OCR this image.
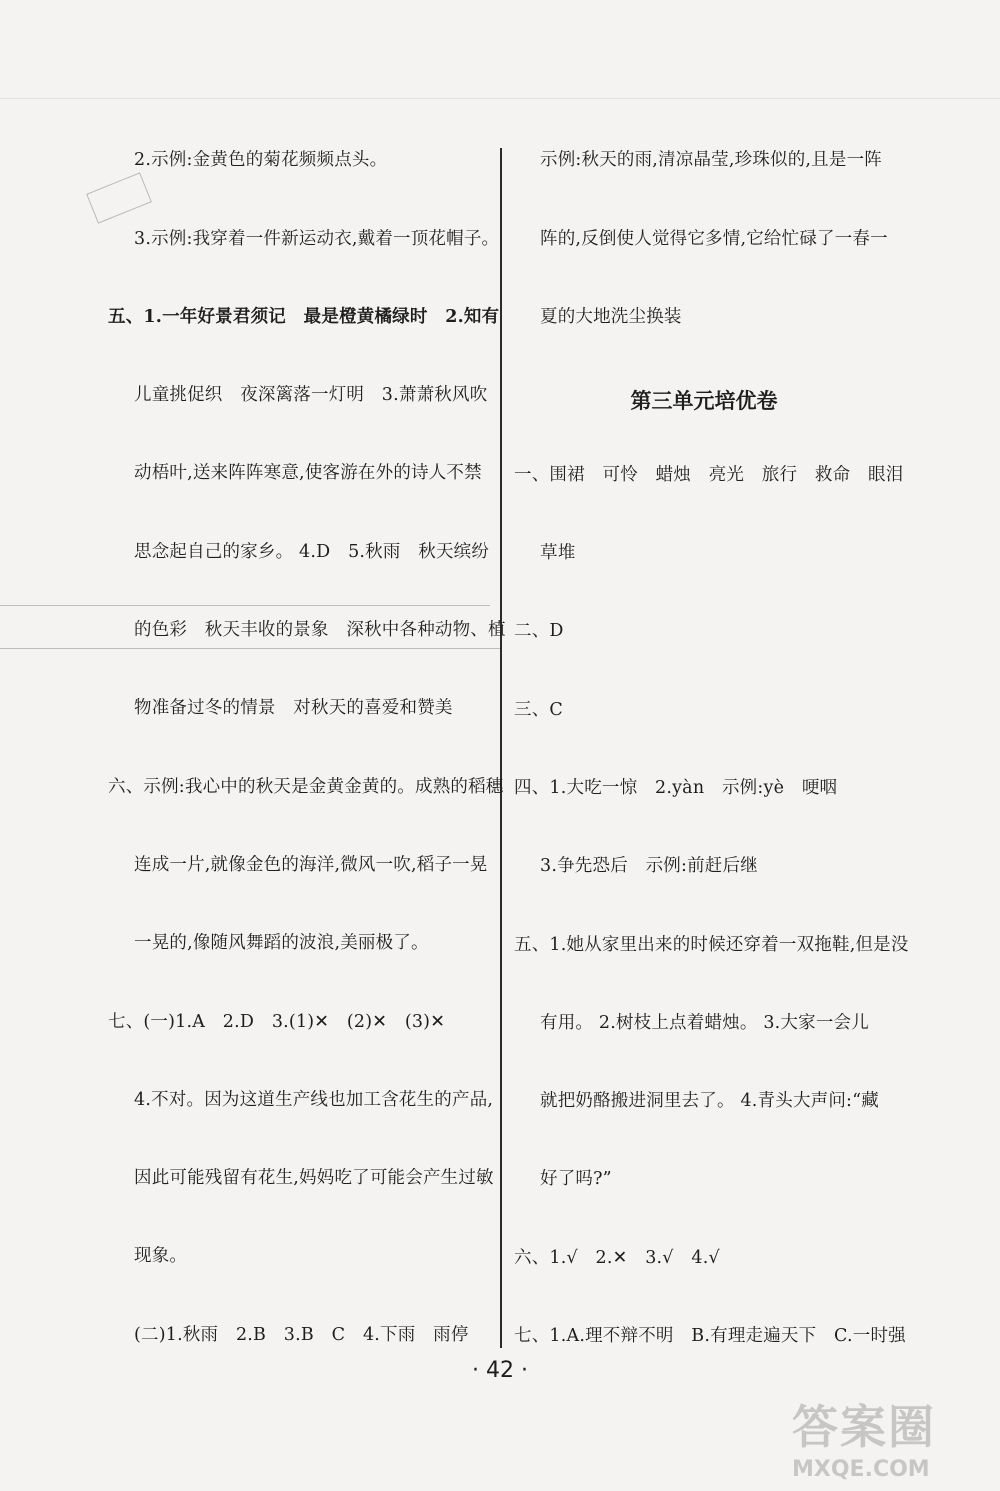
2.示例:金黄色的菊花频频点头。
3.示例:我穿着一件新运动衣,戴着一顶花帽子。
五、1.一年好景君须记　最是橙黄橘绿时　2.知有
儿童挑促织　夜深篱落一灯明　3.萧萧秋风吹
动梧叶,送来阵阵寒意,使客游在外的诗人不禁
思念起自己的家乡。 4.D　5.秋雨　秋天缤纷
的色彩　秋天丰收的景象　深秋中各种动物、植
物准备过冬的情景　对秋天的喜爱和赞美
六、示例:我心中的秋天是金黄金黄的。成熟的稻穗
连成一片,就像金色的海洋,微风一吹,稻子一晃
一晃的,像随风舞蹈的波浪,美丽极了。
七、(一)1.A　2.D　3.(1)✕　(2)✕　(3)✕
4.不对。因为这道生产线也加工含花生的产品,
因此可能残留有花生,妈妈吃了可能会产生过敏
现象。
(二)1.秋雨　2.B　3.B　C　4.下雨　雨停
示例:秋天的雨,清凉晶莹,珍珠似的,且是一阵
阵的,反倒使人觉得它多情,它给忙碌了一春一
夏的大地洗尘换装
一、围裙　可怜　蜡烛　亮光　旅行　救命　眼泪
草堆
二、D
三、C
四、1.大吃一惊　2.yàn　示例:yè　哽咽
3.争先恐后　示例:前赶后继
五、1.她从家里出来的时候还穿着一双拖鞋,但是没
有用。 2.树枝上点着蜡烛。 3.大家一会儿
就把奶酪搬进洞里去了。 4.青头大声问:“藏
好了吗?”
六、1.√　2.✕　3.√　4.√
七、1.A.理不辩不明　B.有理走遍天下　C.一时强
第三单元培优卷
· 42 ·
答案圈
MXQE.COM
